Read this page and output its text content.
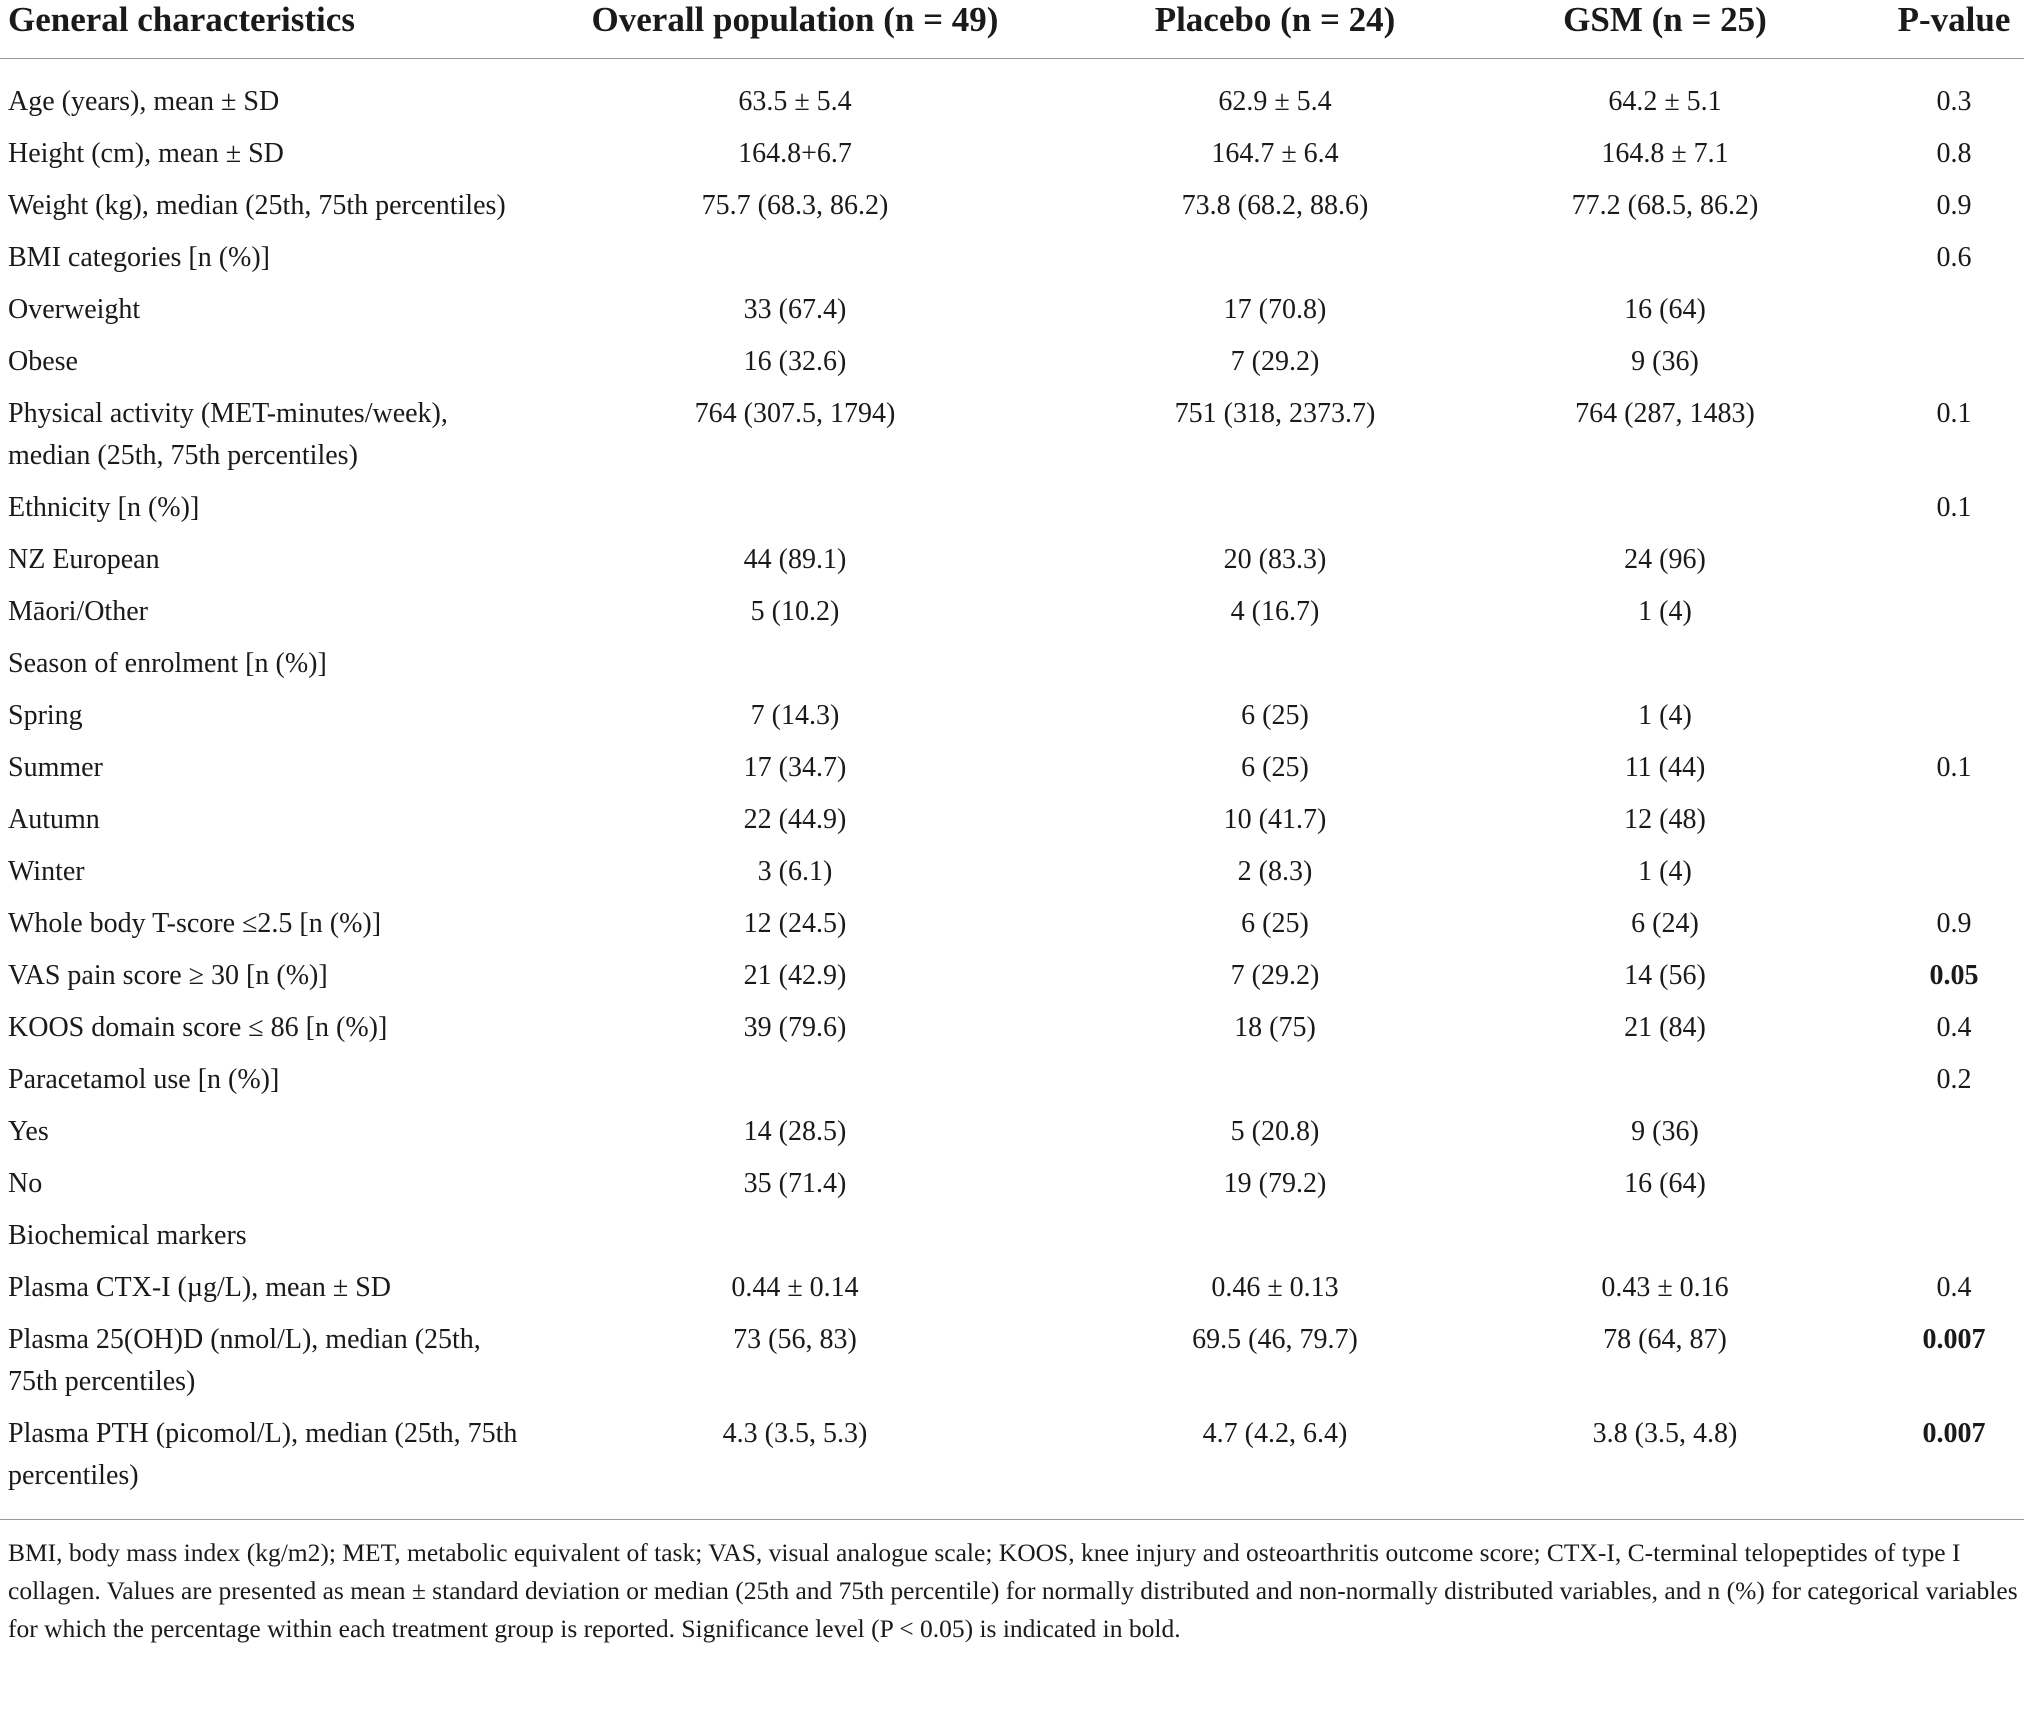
General characteristics	Overall population (n = 49)	Placebo (n = 24)	GSM (n = 25)	P-value
Age (years), mean ± SD	63.5 ± 5.4	62.9 ± 5.4	64.2 ± 5.1	0.3
Height (cm), mean ± SD	164.8+6.7	164.7 ± 6.4	164.8 ± 7.1	0.8
Weight (kg), median (25th, 75th percentiles)	75.7 (68.3, 86.2)	73.8 (68.2, 88.6)	77.2 (68.5, 86.2)	0.9
BMI categories [n (%)]				0.6
Overweight	33 (67.4)	17 (70.8)	16 (64)	
Obese	16 (32.6)	7 (29.2)	9 (36)	
Physical activity (MET-minutes/week), median (25th, 75th percentiles)	764 (307.5, 1794)	751 (318, 2373.7)	764 (287, 1483)	0.1
Ethnicity [n (%)]				0.1
NZ European	44 (89.1)	20 (83.3)	24 (96)	
Māori/Other	5 (10.2)	4 (16.7)	1 (4)	
Season of enrolment [n (%)]				
Spring	7 (14.3)	6 (25)	1 (4)	
Summer	17 (34.7)	6 (25)	11 (44)	0.1
Autumn	22 (44.9)	10 (41.7)	12 (48)	
Winter	3 (6.1)	2 (8.3)	1 (4)	
Whole body T-score ≤2.5 [n (%)]	12 (24.5)	6 (25)	6 (24)	0.9
VAS pain score ≥ 30 [n (%)]	21 (42.9)	7 (29.2)	14 (56)	0.05
KOOS domain score ≤ 86 [n (%)]	39 (79.6)	18 (75)	21 (84)	0.4
Paracetamol use [n (%)]				0.2
Yes	14 (28.5)	5 (20.8)	9 (36)	
No	35 (71.4)	19 (79.2)	16 (64)	
Biochemical markers				
Plasma CTX-I (µg/L), mean ± SD	0.44 ± 0.14	0.46 ± 0.13	0.43 ± 0.16	0.4
Plasma 25(OH)D (nmol/L), median (25th, 75th percentiles)	73 (56, 83)	69.5 (46, 79.7)	78 (64, 87)	0.007
Plasma PTH (picomol/L), median (25th, 75th percentiles)	4.3 (3.5, 5.3)	4.7 (4.2, 6.4)	3.8 (3.5, 4.8)	0.007
BMI, body mass index (kg/m2); MET, metabolic equivalent of task; VAS, visual analogue scale; KOOS, knee injury and osteoarthritis outcome score; CTX-I, C-terminal telopeptides of type I collagen. Values are presented as mean ± standard deviation or median (25th and 75th percentile) for normally distributed and non-normally distributed variables, and n (%) for categorical variables for which the percentage within each treatment group is reported. Significance level (P < 0.05) is indicated in bold.
